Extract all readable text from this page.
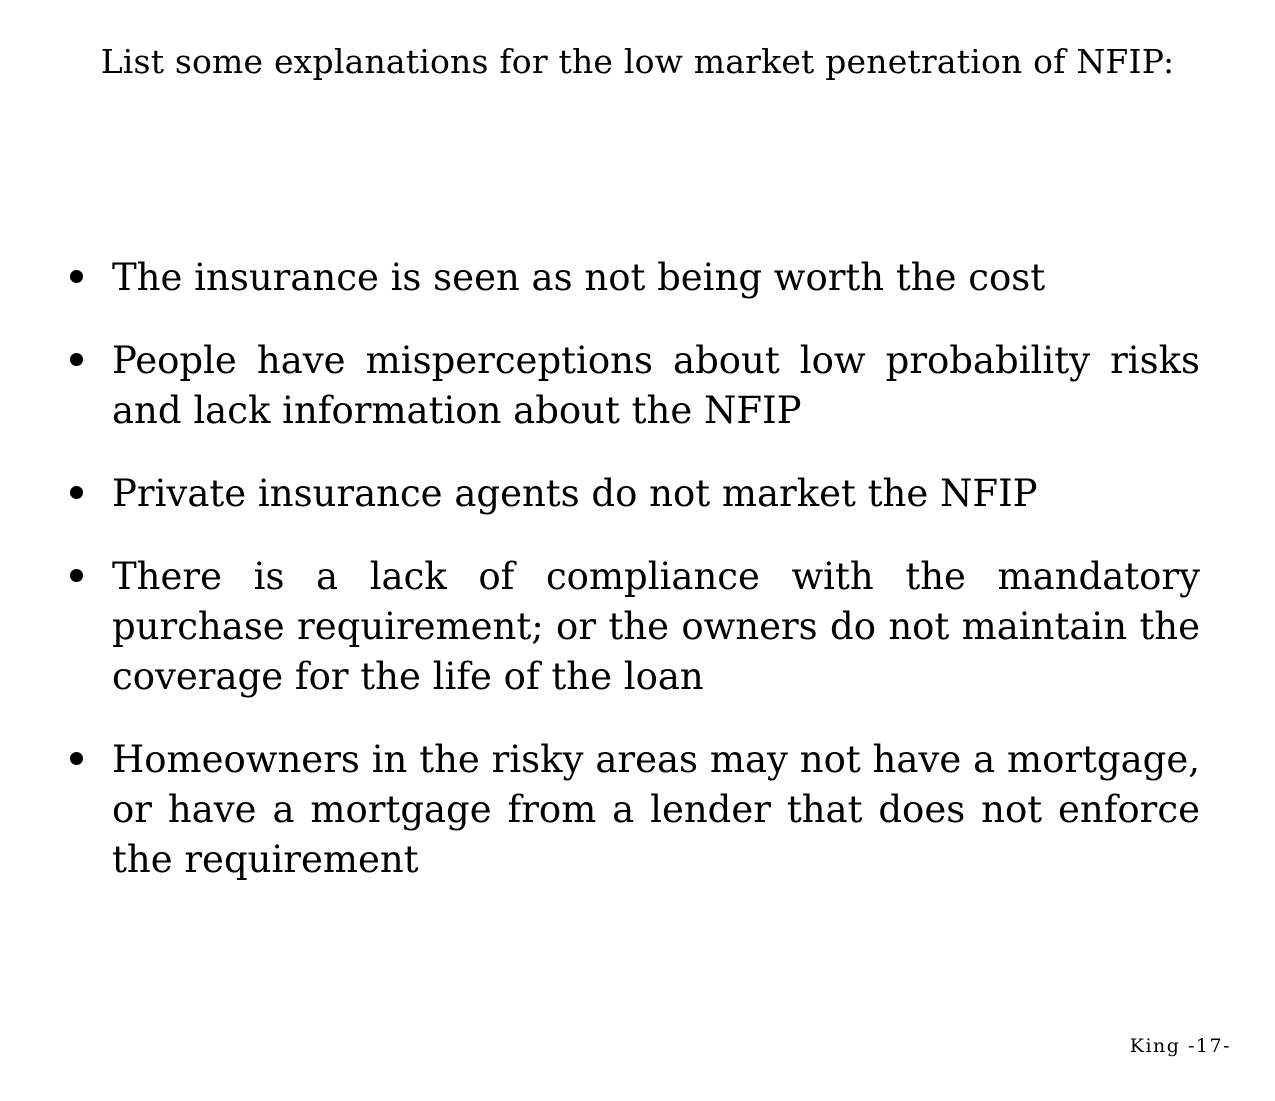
List some explanations for the low market penetration of NFIP:
The insurance is seen as not being worth the cost
People have misperceptions about low probability risks and lack information about the NFIP
Private insurance agents do not market the NFIP
There is a lack of compliance with the mandatory purchase requirement; or the owners do not maintain the coverage for the life of the loan
Homeowners in the risky areas may not have a mortgage, or have a mortgage from a lender that does not enforce the requirement
King -17-
